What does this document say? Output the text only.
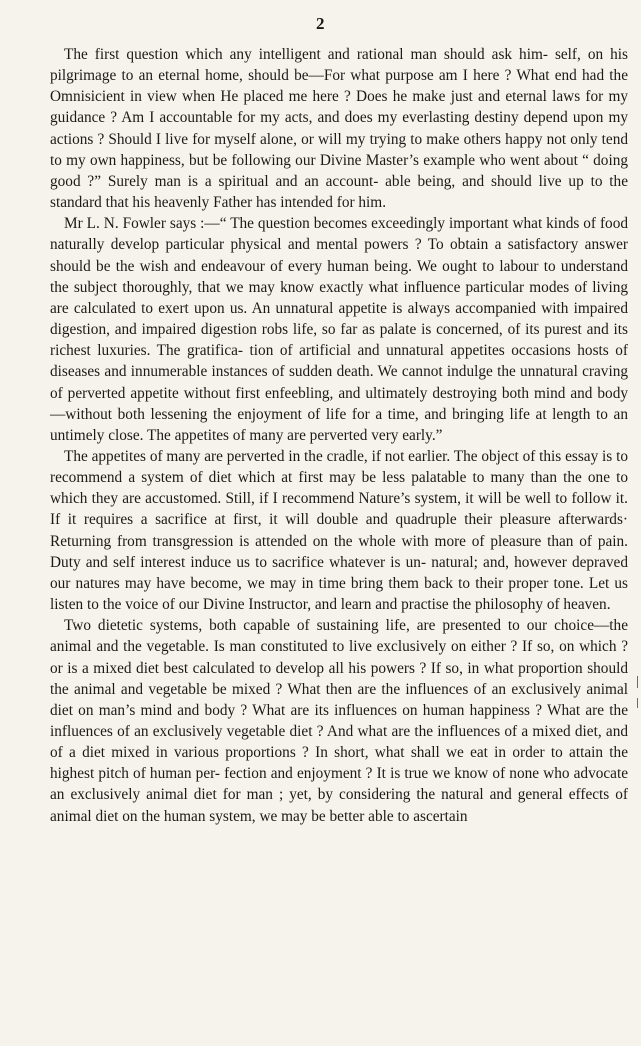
2

The first question which any intelligent and rational man should ask him- self, on his pilgrimage to an eternal home, should be—For what purpose am I here ? What end had the Omnisicient in view when He placed me here ? Does he make just and eternal laws for my guidance ? Am I accountable for my acts, and does my everlasting destiny depend upon my actions ? Should I live for myself alone, or will my trying to make others happy not only tend to my own happiness, but be following our Divine Master’s example who went about “ doing good ?” Surely man is a spiritual and an account- able being, and should live up to the standard that his heavenly Father has intended for him.

Mr L. N. Fowler says :—“ The question becomes exceedingly important what kinds of food naturally develop particular physical and mental powers ? To obtain a satisfactory answer should be the wish and endeavour of every human being. We ought to labour to understand the subject thoroughly, that we may know exactly what influence particular modes of living are calculated to exert upon us. An unnatural appetite is always accompanied with impaired digestion, and impaired digestion robs life, so far as palate is concerned, of its purest and its richest luxuries. The gratifica- tion of artificial and unnatural appetites occasions hosts of diseases and innumerable instances of sudden death. We cannot indulge the unnatural craving of perverted appetite without first enfeebling, and ultimately destroying both mind and body—without both lessening the enjoyment of life for a time, and bringing life at length to an untimely close. The appetites of many are perverted very early.”

The appetites of many are perverted in the cradle, if not earlier. The object of this essay is to recommend a system of diet which at first may be less palatable to many than the one to which they are accustomed. Still, if I recommend Nature’s system, it will be well to follow it. If it requires a sacrifice at first, it will double and quadruple their pleasure afterwards· Returning from transgression is attended on the whole with more of pleasure than of pain. Duty and self interest induce us to sacrifice whatever is un- natural; and, however depraved our natures may have become, we may in time bring them back to their proper tone. Let us listen to the voice of our Divine Instructor, and learn and practise the philosophy of heaven.

Two dietetic systems, both capable of sustaining life, are presented to our choice—the animal and the vegetable. Is man constituted to live exclusively on either ? If so, on which ? or is a mixed diet best calculated to develop all his powers ? If so, in what proportion should the animal and vegetable be mixed ? What then are the influences of an exclusively animal diet on man’s mind and body ? What are its influences on human happiness ? What are the influences of an exclusively vegetable diet ? And what are the influences of a mixed diet, and of a diet mixed in various proportions ? In short, what shall we eat in order to attain the highest pitch of human per- fection and enjoyment ? It is true we know of none who advocate an exclusively animal diet for man ; yet, by considering the natural and general effects of animal diet on the human system, we may be better able to ascertain
